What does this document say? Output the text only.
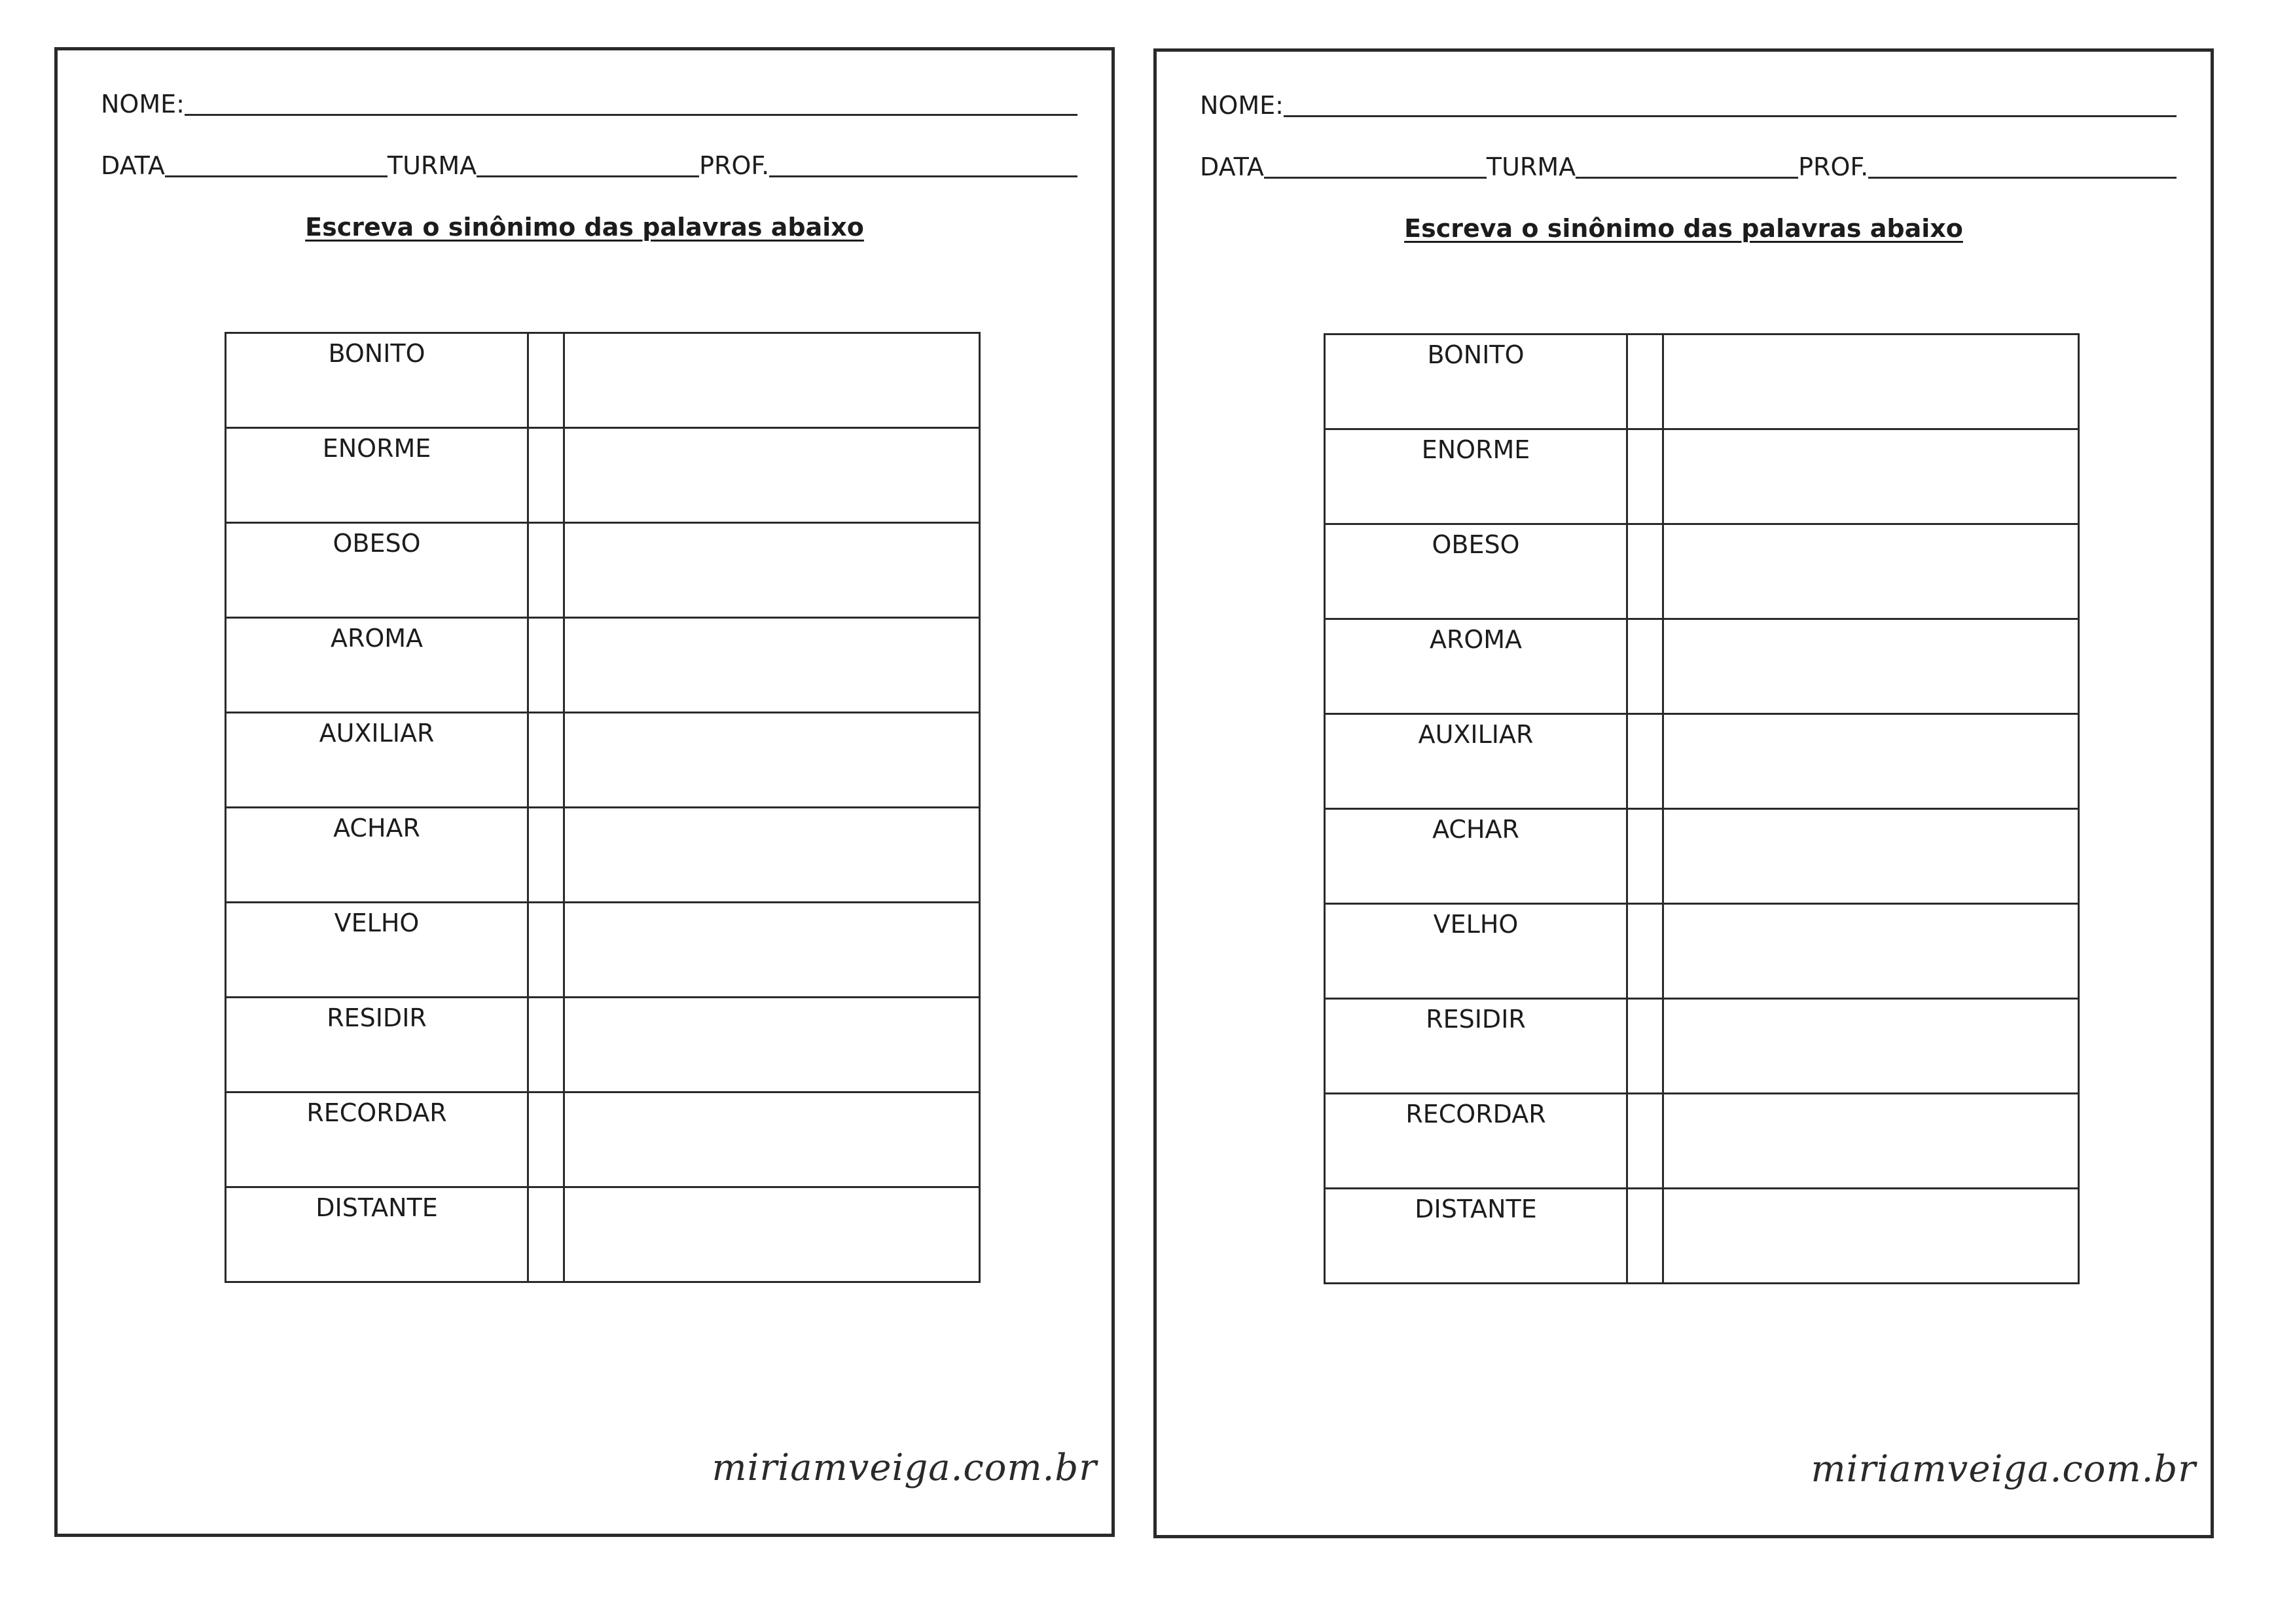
NOME:
DATA	TURMA	PROF.
Escreva o sinônimo das palavras abaixo
BONITO		
ENORME		
OBESO		
AROMA		
AUXILIAR		
ACHAR		
VELHO		
RESIDIR		
RECORDAR		
DISTANTE		
miriamveiga.com.br
NOME:
DATA	TURMA	PROF.
Escreva o sinônimo das palavras abaixo
BONITO		
ENORME		
OBESO		
AROMA		
AUXILIAR		
ACHAR		
VELHO		
RESIDIR		
RECORDAR		
DISTANTE		
miriamveiga.com.br
